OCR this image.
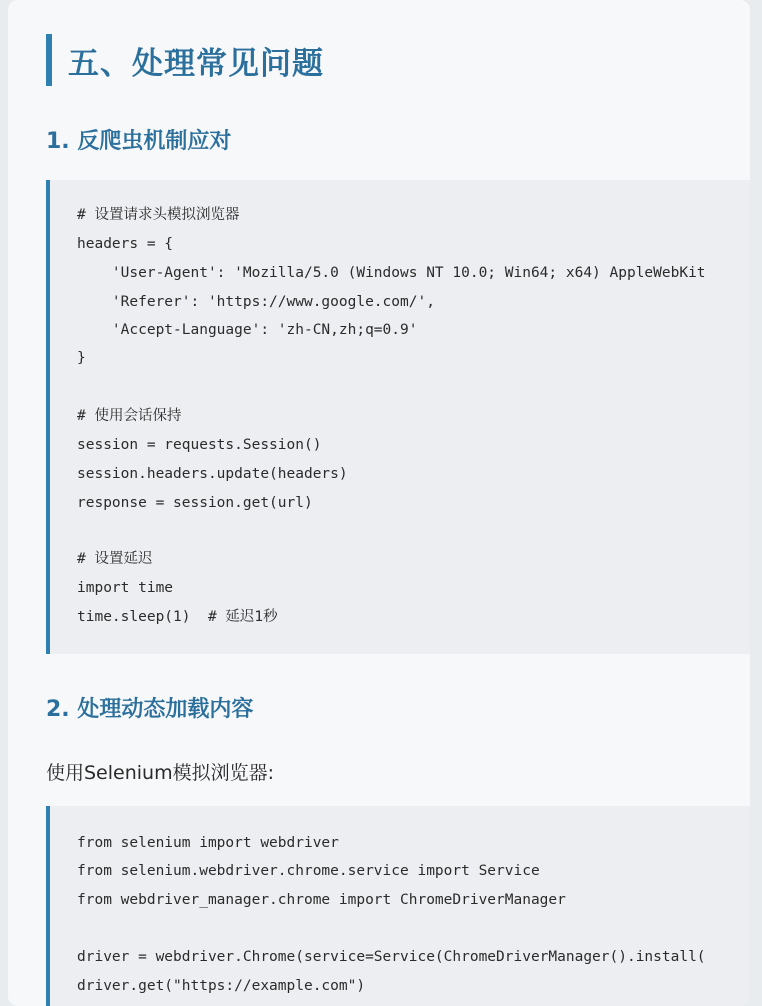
五、处理常见问题
1. 反爬虫机制应对
# 设置请求头模拟浏览器
headers = {
'User-Agent': 'Mozilla/5.0 (Windows NT 10.0; Win64; x64) AppleWebKit
'Referer': 'https://www.google.com/',
'Accept-Language': 'zh-CN,zh;q=0.9'
}
# 使用会话保持
session = requests.Session()
session.headers.update(headers)
response = session.get(url)
# 设置延迟
import time
time.sleep(1)  # 延迟1秒
2. 处理动态加载内容
使用Selenium模拟浏览器:
from selenium import webdriver
from selenium.webdriver.chrome.service import Service
from webdriver_manager.chrome import ChromeDriverManager
driver = webdriver.Chrome(service=Service(ChromeDriverManager().install(
driver.get("https://example.com")
